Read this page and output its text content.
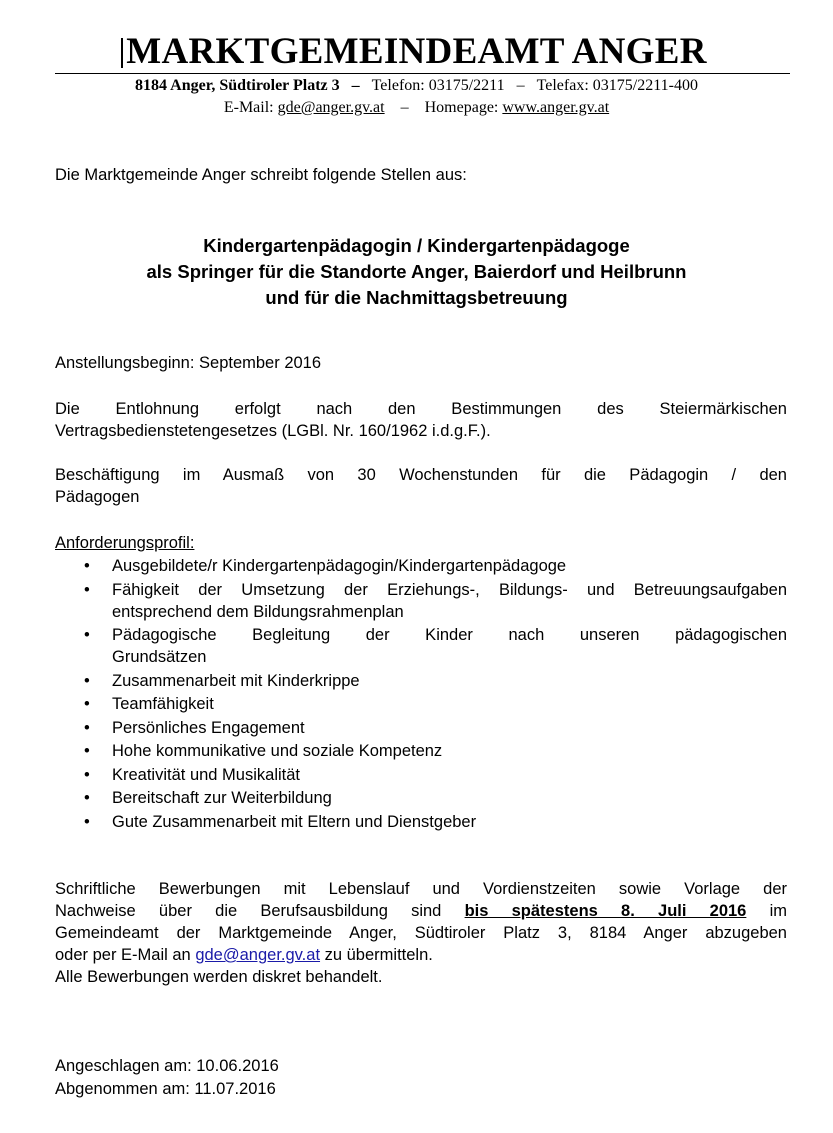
MARKTGEMEINDEAMT ANGER
8184 Anger, Südtiroler Platz 3 – Telefon: 03175/2211 – Telefax: 03175/2211-400
E-Mail: gde@anger.gv.at – Homepage: www.anger.gv.at
Die Marktgemeinde Anger schreibt folgende Stellen aus:
Kindergartenpädagogin / Kindergartenpädagoge
als Springer für die Standorte Anger, Baierdorf und Heilbrunn
und für die Nachmittagsbetreuung
Anstellungsbeginn: September 2016
Die Entlohnung erfolgt nach den Bestimmungen des Steiermärkischen
Vertragsbedienstetengesetzes (LGBl. Nr. 160/1962 i.d.g.F.).
Beschäftigung im Ausmaß von 30 Wochenstunden für die Pädagogin / den
Pädagogen
Anforderungsprofil:
• Ausgebildete/r Kindergartenpädagogin/Kindergartenpädagoge
• Fähigkeit der Umsetzung der Erziehungs-, Bildungs- und Betreuungsaufgaben
entsprechend dem Bildungsrahmenplan
• Pädagogische Begleitung der Kinder nach unseren pädagogischen
Grundsätzen
• Zusammenarbeit mit Kinderkrippe
• Teamfähigkeit
• Persönliches Engagement
• Hohe kommunikative und soziale Kompetenz
• Kreativität und Musikalität
• Bereitschaft zur Weiterbildung
• Gute Zusammenarbeit mit Eltern und Dienstgeber
Schriftliche Bewerbungen mit Lebenslauf und Vordienstzeiten sowie Vorlage der
Nachweise über die Berufsausbildung sind bis spätestens 8. Juli 2016 im
Gemeindeamt der Marktgemeinde Anger, Südtiroler Platz 3, 8184 Anger abzugeben
oder per E-Mail an gde@anger.gv.at zu übermitteln.
Alle Bewerbungen werden diskret behandelt.
Angeschlagen am: 10.06.2016
Abgenommen am: 11.07.2016
